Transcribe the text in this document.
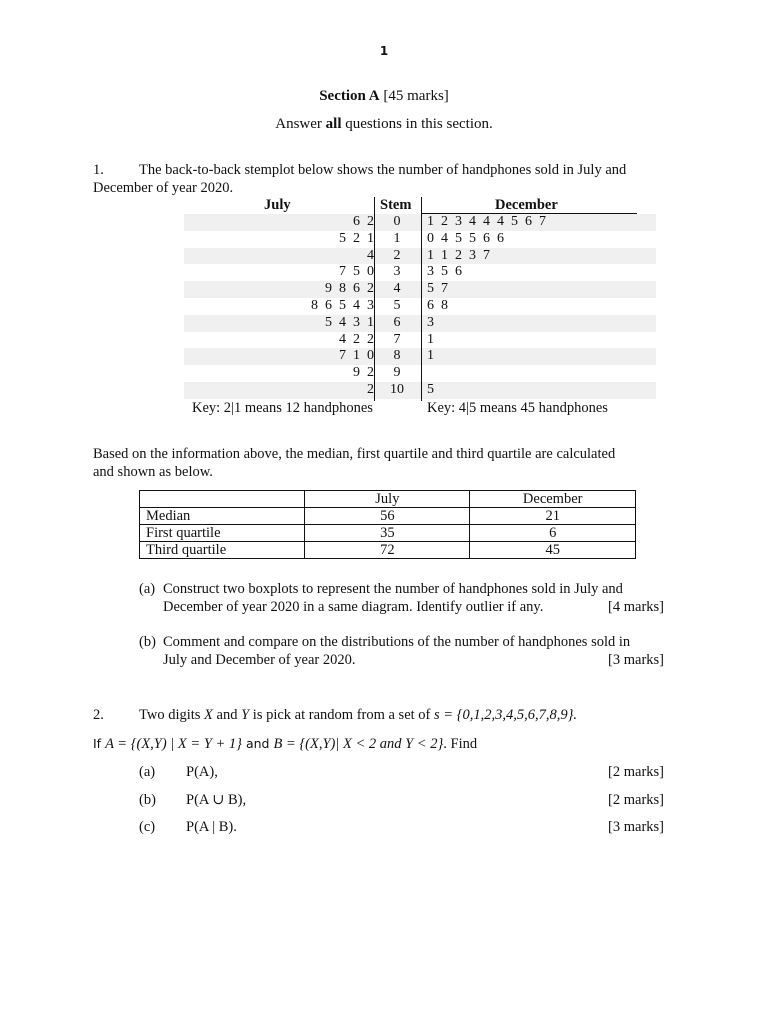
1
Section A [45 marks]
Answer all questions in this section.
1. The back-to-back stemplot below shows the number of handphones sold in July and
December of year 2020.
July	Stem	December
6  2	0	1  2  3  4  4  4  5  6  7
5  2  1	1	0  4  5  5  6  6
4	2	1  1  2  3  7
7  5  0	3	3  5  6
9  8  6  2	4	5  7
8  6  5  4  3	5	6  8
5  4  3  1	6	3
4  2  2	7	1
7  1  0	8	1
9  2	9
2	10	5
Key: 2|1 means 12 handphones	Key: 4|5 means 45 handphones
Based on the information above, the median, first quartile and third quartile are calculated
and shown as below.
	July	December
Median	56	21
First quartile	35	6
Third quartile	72	45
(a) Construct two boxplots to represent the number of handphones sold in July and
December of year 2020 in a same diagram. Identify outlier if any.	[4 marks]
(b) Comment and compare on the distributions of the number of handphones sold in
July and December of year 2020.	[3 marks]
2. Two digits X and Y is pick at random from a set of s = {0,1,2,3,4,5,6,7,8,9}.
If A = {(X,Y) | X = Y + 1} and B = {(X,Y)| X < 2 and Y < 2}. Find
(a) P(A),	[2 marks]
(b) P(A ∪ B),	[2 marks]
(c) P(A | B).	[3 marks]
